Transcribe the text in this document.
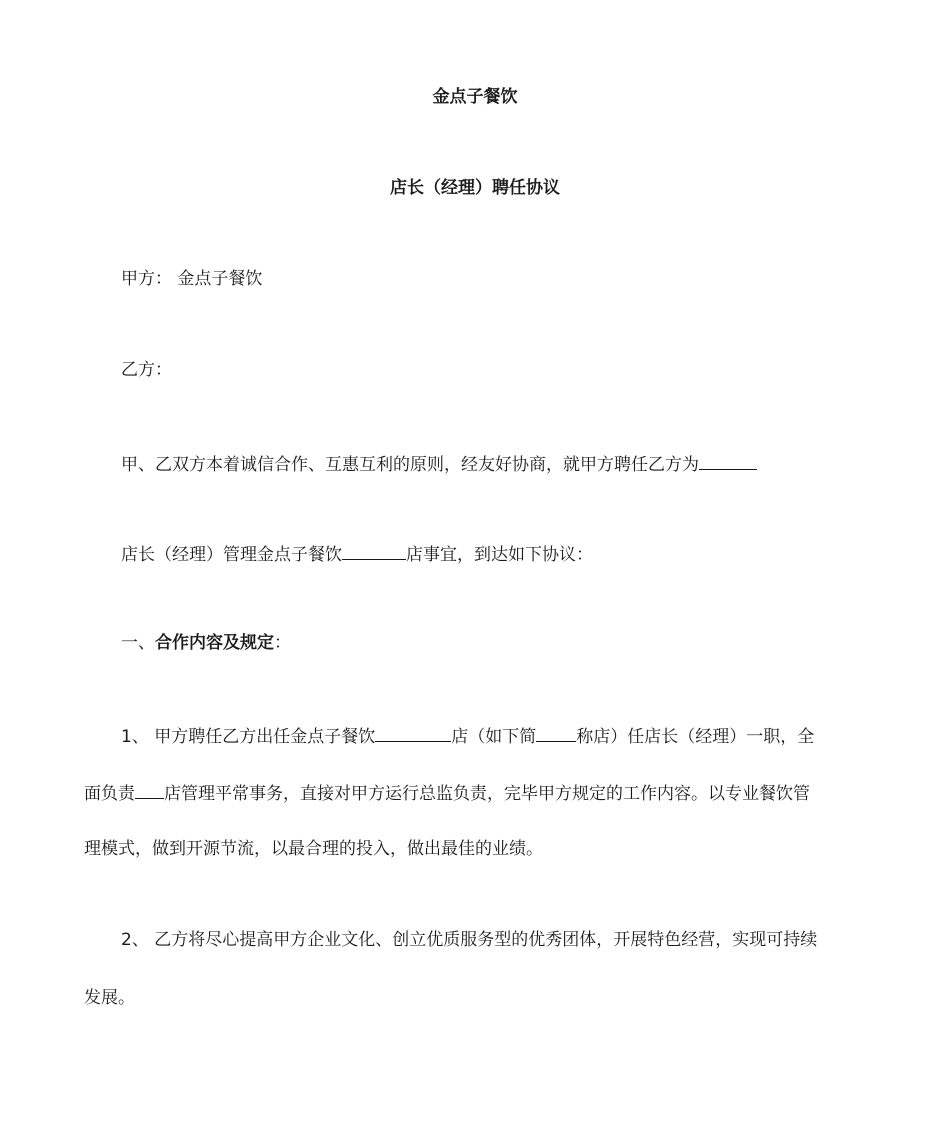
金点子餐饮
店长（经理）聘任协议
甲方： 金点子餐饮
乙方：
甲、乙双方本着诚信合作、互惠互利的原则，经友好协商，就甲方聘任乙方为
店长（经理）管理金点子餐饮	店事宜，到达如下协议：
一、合作内容及规定：
1、 甲方聘任乙方出任金点子餐饮	店（如下简 称店）任店长（经理）一职，全
面负责 店管理平常事务，直接对甲方运行总监负责，完毕甲方规定的工作内容。以专业餐饮管
理模式，做到开源节流，以最合理的投入，做出最佳的业绩。
2、 乙方将尽心提高甲方企业文化、创立优质服务型的优秀团体，开展特色经营，实现可持续
发展。
